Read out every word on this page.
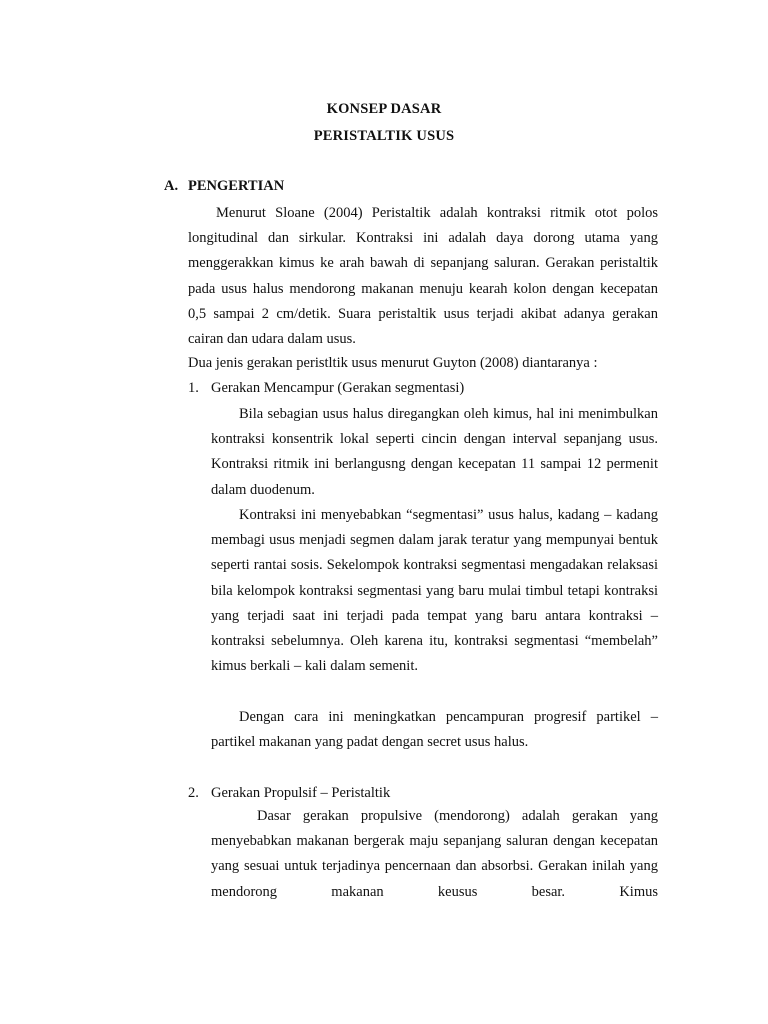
KONSEP DASAR
PERISTALTIK USUS
A. PENGERTIAN

Menurut Sloane (2004) Peristaltik adalah kontraksi ritmik otot polos longitudinal dan sirkular. Kontraksi ini adalah daya dorong utama yang menggerakkan kimus ke arah bawah di sepanjang saluran. Gerakan peristaltik pada usus halus mendorong makanan menuju kearah kolon dengan kecepatan 0,5 sampai 2 cm/detik. Suara peristaltik usus terjadi akibat adanya gerakan cairan dan udara dalam usus.

Dua jenis gerakan peristltik usus menurut Guyton (2008) diantaranya :
1. Gerakan Mencampur (Gerakan segmentasi)

Bila sebagian usus halus diregangkan oleh kimus, hal ini menimbulkan kontraksi konsentrik lokal seperti cincin dengan interval sepanjang usus. Kontraksi ritmik ini berlangusng dengan kecepatan 11 sampai 12 permenit dalam duodenum.

Kontraksi ini menyebabkan “segmentasi” usus halus, kadang – kadang membagi usus menjadi segmen dalam jarak teratur yang mempunyai bentuk seperti rantai sosis. Sekelompok kontraksi segmentasi mengadakan relaksasi bila kelompok kontraksi segmentasi yang baru mulai timbul tetapi kontraksi yang terjadi saat ini terjadi pada tempat yang baru antara kontraksi – kontraksi sebelumnya. Oleh karena itu, kontraksi segmentasi “membelah” kimus berkali – kali dalam semenit.

Dengan cara ini meningkatkan pencampuran progresif partikel – partikel makanan yang padat dengan secret usus halus.

2. Gerakan Propulsif – Peristaltik

Dasar gerakan propulsive (mendorong) adalah gerakan yang menyebabkan makanan bergerak maju sepanjang saluran dengan kecepatan yang sesuai untuk terjadinya pencernaan dan absorbsi. Gerakan inilah yang mendorong makanan keusus besar. Kimus
